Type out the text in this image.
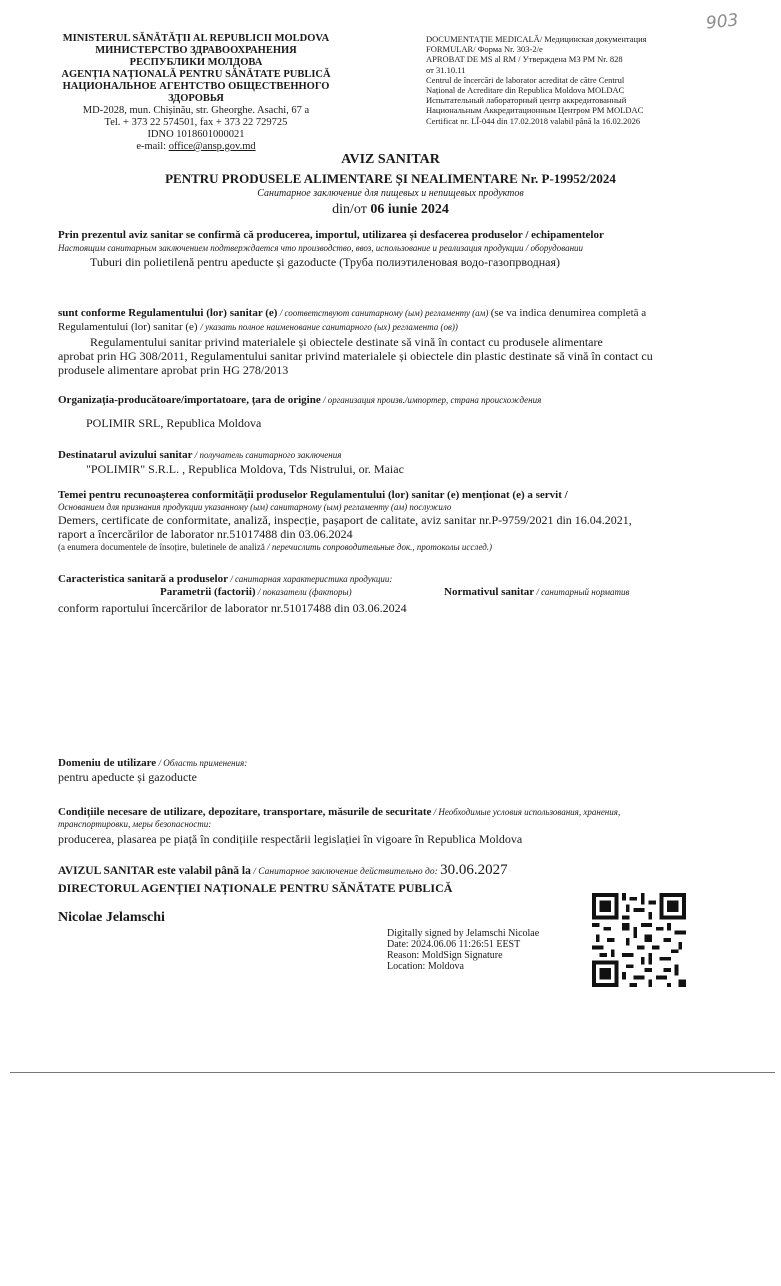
903
MINISTERUL SĂNĂTĂȚII AL REPUBLICII MOLDOVA
МИНИСТЕРСТВО ЗДРАВООХРАНЕНИЯ
РЕСПУБЛИКИ МОЛДОВА
AGENȚIA NAȚIONALĂ PENTRU SĂNĂTATE PUBLICĂ
НАЦИОНАЛЬНОЕ АГЕНТСТВО ОБЩЕСТВЕННОГО
ЗДОРОВЬЯ
MD-2028, mun. Chișinău, str. Gheorghe. Asachi, 67 a
Tel. + 373 22 574501, fax + 373 22 729725
IDNO 1018601000021
e-mail: office@ansp.gov.md
DOCUMENTAȚIE MEDICALĂ/ Медицинская документация
FORMULAR/ Форма Nr. 303-2/e
APROBAT DE MS al RM / Утверждена МЗ РМ Nr. 828
от 31.10.11
Centrul de încercări de laborator acreditat de către Centrul
Național de Acreditare din Republica Moldova MOLDAC
Испытательный лабораторный центр аккредитованный
Национальным Аккредитационным Центром РМ MOLDAC
Certificat nr. LÎ-044 din 17.02.2018 valabil până la 16.02.2026
AVIZ SANITAR
PENTRU PRODUSELE ALIMENTARE ȘI NEALIMENTARE Nr. P-19952/2024
Санитарное заключение для пищевых и непищевых продуктов
din/от 06 iunie 2024
Prin prezentul aviz sanitar se confirmă că producerea, importul, utilizarea și desfacerea produselor / echipamentelor
Настоящим санитарным заключением подтверждается что производство, ввоз, использование и реализация продукции / оборудовании
Tuburi din polietilenă pentru apeducte și gazoducte (Труба полиэтиленовая водо-газопрводная)
sunt conforme Regulamentului (lor) sanitar (e) / соответствуют санитарному (ым) регламенту (ам) (se va indica denumirea completă a
Regulamentului (lor) sanitar (e) / указать полное наименование санитарного (ых) регламента (ов))
Regulamentului sanitar privind materialele și obiectele destinate să vină în contact cu produsele alimentare
aprobat prin HG 308/2011, Regulamentului sanitar privind materialele și obiectele din plastic destinate să vină în contact cu
produsele alimentare aprobat prin HG 278/2013
Organizația-producătoare/importatoare, țara de origine / организация произв./импортер, страна происхождения
POLIMIR SRL, Republica Moldova
Destinatarul avizului sanitar / получатель санитарного заключения
"POLIMIR" S.R.L. , Republica Moldova, Tds Nistrului, or. Maiac
Temei pentru recunoașterea conformității produselor Regulamentului (lor) sanitar (e) menționat (e) a servit /
Основанием для признания продукции указанному (ым) санитарному (ым) регламенту (ам) послужило
Demers, certificate de conformitate, analiză, inspecție, pașaport de calitate, aviz sanitar nr.P-9759/2021 din 16.04.2021,
raport a încercărilor de laborator nr.51017488 din 03.06.2024
(a enumera documentele de însoțire, buletinele de analiză / перечислить сопроводительные док., протоколы исслед.)
Caracteristica sanitară a produselor / санитарная характеристика продукции:
Parametrii (factorii) / показатели (факторы)	Normativul sanitar / санитарный норматив
conform raportului încercărilor de laborator nr.51017488 din 03.06.2024
Domeniu de utilizare / Область применения:
pentru apeducte și gazoducte
Condițiile necesare de utilizare, depozitare, transportare, măsurile de securitate / Необходимые условия использования, хранения,
транспортировки, меры безопасности:
producerea, plasarea pe piață în condițiile respectării legislației în vigoare în Republica Moldova
AVIZUL SANITAR este valabil până la / Санитарное заключение действительно до: 30.06.2027
DIRECTORUL AGENȚIEI NAȚIONALE PENTRU SĂNĂTATE PUBLICĂ
Nicolae Jelamschi
Digitally signed by Jelamschi Nicolae
Date: 2024.06.06 11:26:51 EEST
Reason: MoldSign Signature
Location: Moldova
